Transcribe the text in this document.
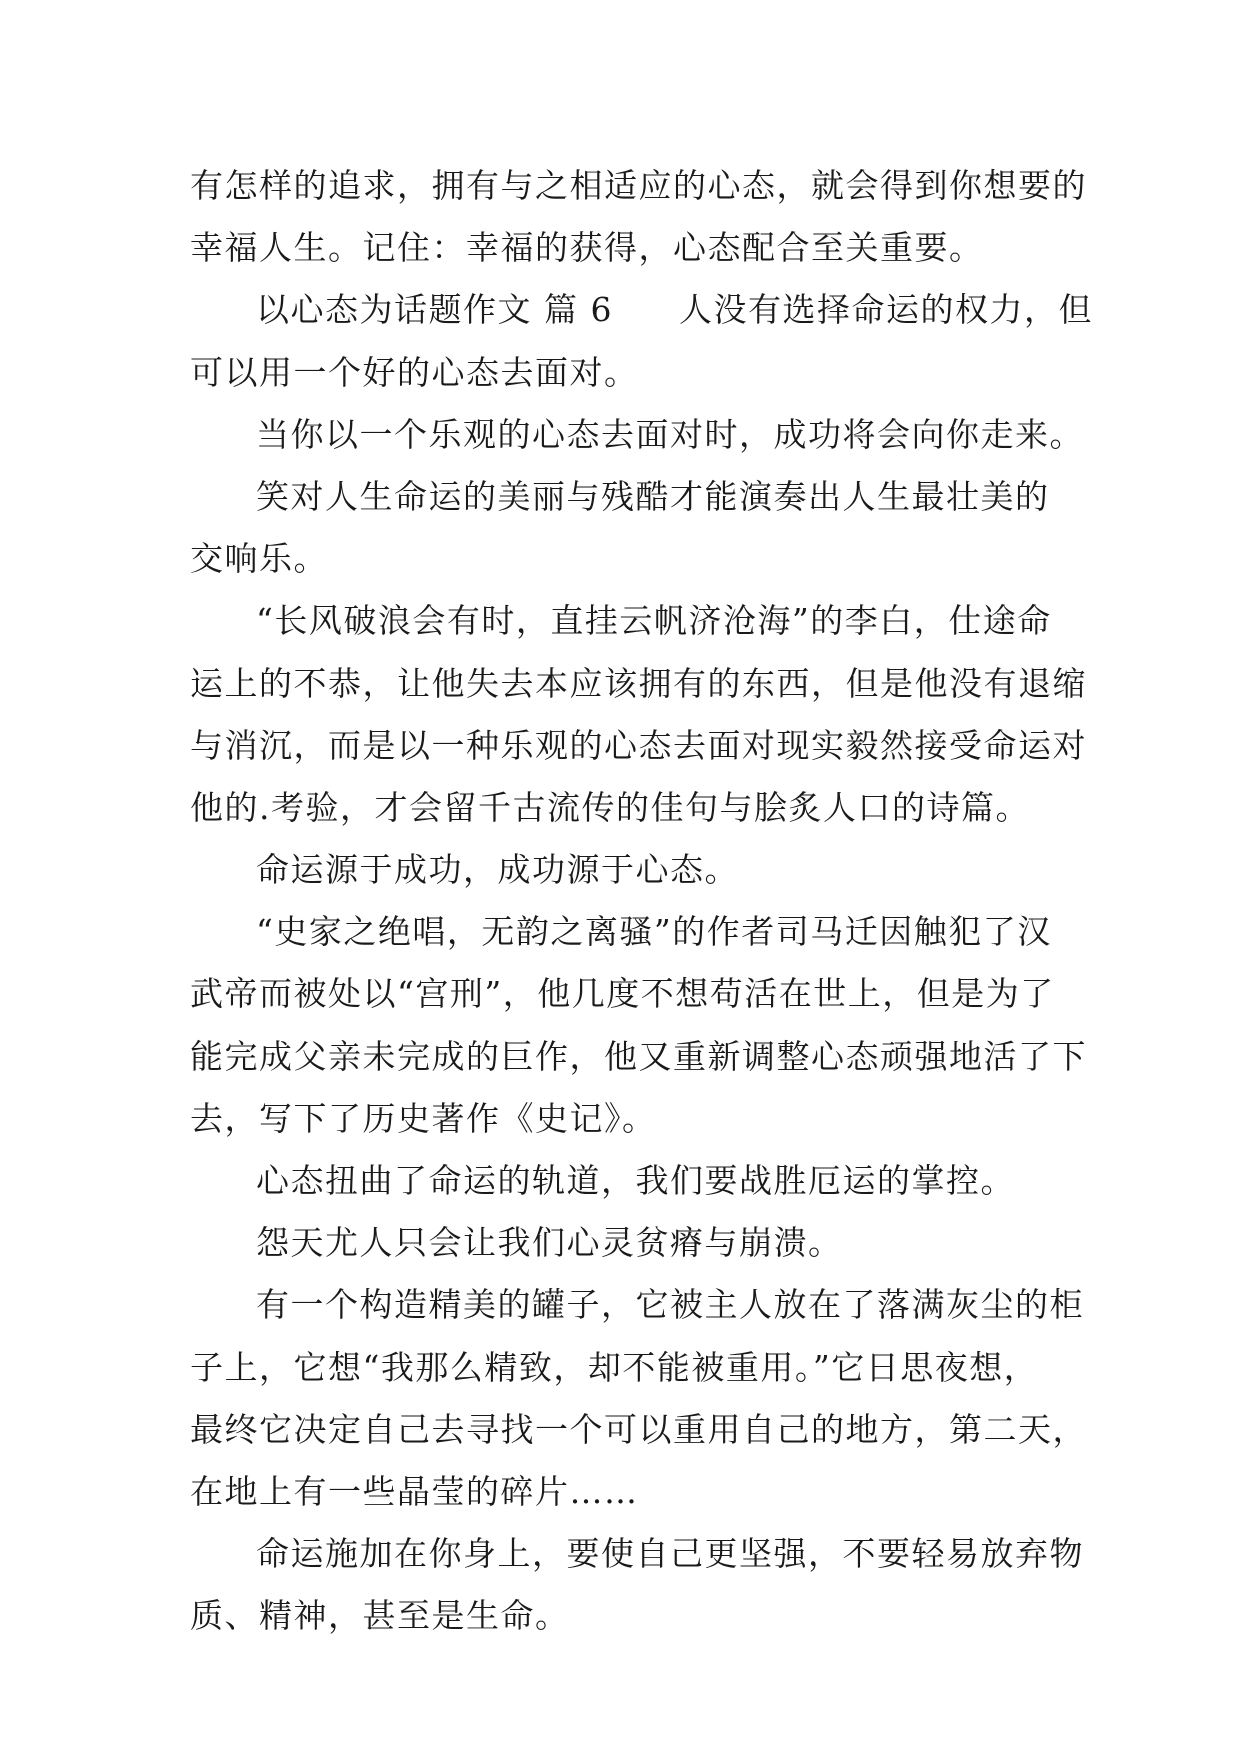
有怎样的追求，拥有与之相适应的心态，就会得到你想要的
幸福人生。记住：幸福的获得，心态配合至关重要。
以心态为话题作文 篇 6 人没有选择命运的权力，但
可以用一个好的心态去面对。
当你以一个乐观的心态去面对时，成功将会向你走来。
笑对人生命运的美丽与残酷才能演奏出人生最壮美的
交响乐。
“长风破浪会有时，直挂云帆济沧海”的李白，仕途命
运上的不恭，让他失去本应该拥有的东西，但是他没有退缩
与消沉，而是以一种乐观的心态去面对现实毅然接受命运对
他的.考验，才会留千古流传的佳句与脍炙人口的诗篇。
命运源于成功，成功源于心态。
“史家之绝唱，无韵之离骚”的作者司马迁因触犯了汉
武帝而被处以“宫刑”，他几度不想苟活在世上，但是为了
能完成父亲未完成的巨作，他又重新调整心态顽强地活了下
去，写下了历史著作《史记》。
心态扭曲了命运的轨道，我们要战胜厄运的掌控。
怨天尤人只会让我们心灵贫瘠与崩溃。
有一个构造精美的罐子，它被主人放在了落满灰尘的柜
子上，它想“我那么精致，却不能被重用。”它日思夜想，
最终它决定自己去寻找一个可以重用自己的地方，第二天，
在地上有一些晶莹的碎片……
命运施加在你身上，要使自己更坚强，不要轻易放弃物
质、精神，甚至是生命。
